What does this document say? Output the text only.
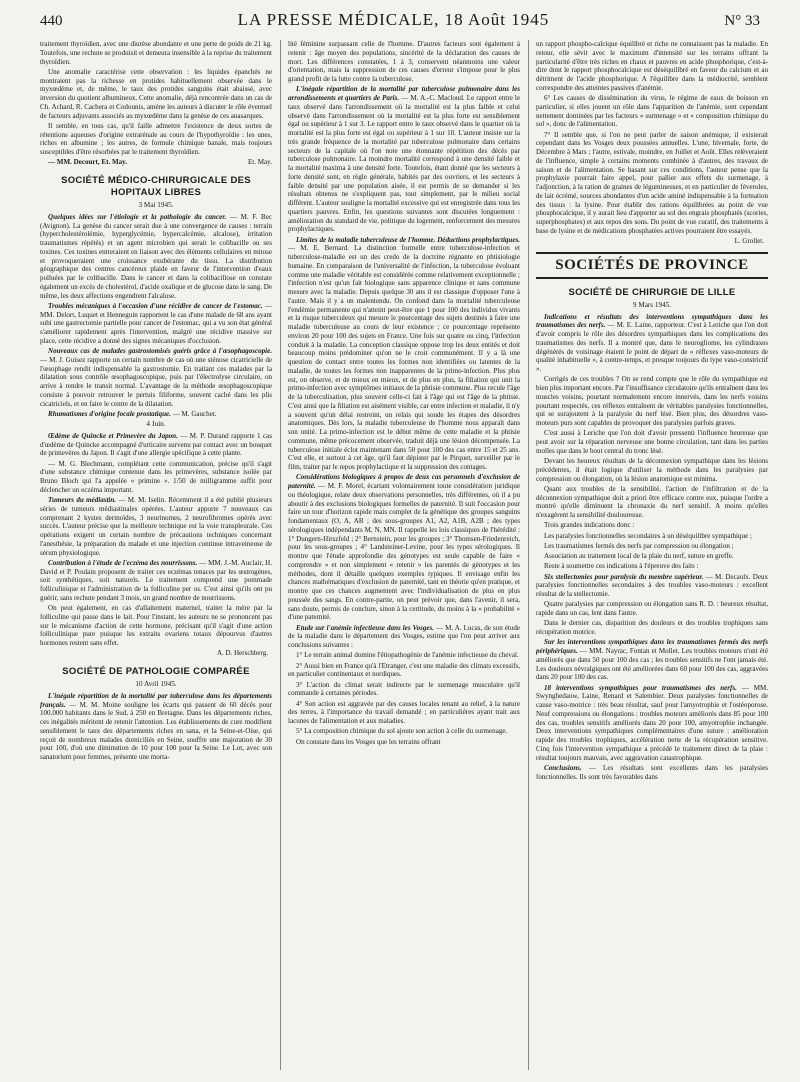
440	LA PRESSE MÉDICALE, 18 Août 1945	N° 33

traitement thyroïdien, avec une diurèse abondante et une perte de poids de 21 kg. Toutefois, une rechute se produisit et demeura insensible à la reprise du traitement thyroïdien.

Une anomalie caractérise cette observation : les liquides épanchés ne montraient pas la richesse en protides habituellement observée dans le myxœdème et, de même, le taux des protides sanguins était abaissé, avec inversion du quotient albumineux. Cette anomalie, déjà rencontrée dans un cas de Ch. Achard, R. Cachera et Codounis, amène les auteurs à discuter le rôle éventuel de facteurs adjuvants associés au myxœdème dans la genèse de ces anasarques.

Il semble, en tous cas, qu'il faille admettre l'existence de deux sortes de rétentions aqueuses d'origine extrarénale au cours de l'hypothyroïdie : les unes, riches en albumine ; les autres, de formule chimique banale, mais toujours susceptibles d'être résorbées par le traitement thyroïdien.

— MM. Decourt, Et. May.	Et. May.

SOCIÉTÉ MÉDICO-CHIRURGICALE DES HOPITAUX LIBRES
3 Mai 1945.

Quelques idées sur l'étiologie et la pathologie du cancer. — M. F. Bec (Avignon). La genèse du cancer serait due à une convergence de causes : terrain (hypercholestérolémie, hyperglycémie, hypercalcémie, alcalose), irritation traumatismes répétés) et un agent microbien qui serait le colibacille ou ses toxines. Ces toxines entreraient en liaison avec des éléments cellulaires en mitose et provoqueraient une croissance exubérante du tissu. La distribution géographique des centres cancéreux plaide en faveur de l'intervention d'eaux polluées par le colibacille. Dans le cancer et dans la colibacillose on constate également un excès de cholestérol, d'acide oxalique et de glucose dans le sang. De même, les deux affections engendrent l'alcalose.

Troubles mécaniques à l'occasion d'une récidive de cancer de l'estomac. — MM. Delort, Luquet et Henneguin rapportent le cas d'une malade de 68 ans ayant subi une gastrectomie partielle pour cancer de l'estomac, qui a vu son état général s'améliorer rapidement après l'intervention, malgré une récidive massive sur place, cette récidive a donné des signes mécaniques d'occlusion.

Nouveaux cas de malades gastrostomisés guéris grâce à l'œsophagoscopie. — M. J. Guisez rapporte un certain nombre de cas où une sténose cicatricielle de l'œsophage rendit indispensable la gastrostomie. En traitant ces malades par la dilatation sous contrôle œsophagoscopique, puis par l'électrolyse circulaire, on arrive à rendre le transit normal. L'avantage de la méthode œsophagoscopique consiste à pouvoir retrouver le pertuis filiforme, souvent caché dans les plis cicatriciels, et en faire le centre de la dilatation.

Rhumatismes d'origine focale prostatique. — M. Gaucher.

4 Juin.

Œdème de Quincke et Primevère du Japon. — M. P. Durand rapporte 1 cas d'œdème de Quincke accompagné d'urticaire survenu par contact avec un bouquet de primevères du Japon. Il s'agit d'une allergie spécifique à cette plante.

— M. G. Blechmann, complétant cette communication, précise qu'il s'agit d'une substance chimique contenue dans les primevères, substance isolée par Bruno Bloch qui l'a appelée « primine ». 1/50 de milligramme suffit pour déclencher un eczéma important.

Tumeurs du médiastin. — M. M. Iselin. Récemment il a été publié plusieurs séries de tumeurs médiastinales opérées. L'auteur apporte 7 nouveaux cas comprenant 2 kystes dermoïdes, 3 neurinomes, 2 neurofibromes opérés avec succès. L'auteur précise que la meilleure technique est la voie transpleurale. Ces opérations exigent un certain nombre de précautions techniques concernant l'anesthésie, la préparation du malade et une injection continue intraveineuse de sérum physiologique.

Contribution à l'étude de l'eczéma des nourrissons. — MM. J.-M. Auclair, H. David et P. Poulain proposent de traiter ces eczémas tenaces par les œstrogènes, soit synthétiques, soit naturels. Le traitement comprend une pommade folliculinique et l'administration de la folliculine per os. C'est ainsi qu'ils ont pu guérir, sans rechute pendant 3 mois, un grand nombre de nourrissons.

On peut également, en cas d'allaitement maternel, traiter la mère par la folliculine qui passe dans le lait. Pour l'instant, les auteurs ne se prononcent pas sur le mécanisme d'action de cette hormone, précisant qu'il s'agit d'une action folliculinique pure puisque les extraits ovariens totaux dépourvus d'autres hormones restent sans effet.

A. D. Herschberg.
SOCIÉTÉ DE PATHOLOGIE COMPARÉE
10 Avril 1945.

L'inégale répartition de la mortalité par tuberculose dans les départements français. — M. M. Moine souligne les écarts qui passent de 60 décès pour 100.000 habitants dans le Sud, à 250 en Bretagne. Dans les départements riches, ces inégalités méritent de retenir l'attention. Les établissements de cure modifient sensiblement le taux des départements riches en sana, et la Seine-et-Oise, qui reçoit de nombreux malades domiciliés en Seine, souffre une majoration de 30 pour 100, d'où une diminution de 10 pour 100 pour la Seine. Le Lot, avec son sanatorium pour femmes, présente une morta-

lité féminine surpassant celle de l'homme. D'autres facteurs sont également à retenir : âge moyen des populations, sincérité de la déclaration des causes de mort. Les différences constatées, 1 à 3, conservent néanmoins une valeur d'orientation, mais la suppression de ces causes d'erreur s'impose pour le plus grand profit de la lutte contre la tuberculose.

L'inégale répartition de la mortalité par tuberculose pulmonaire dans les arrondissements et quartiers de Paris. — M. A.-C. Macloud. Le rapport entre le taux observé dans l'arrondissement où la mortalité est la plus faible et celui observé dans l'arrondissement où la mortalité est la plus forte est sensiblement égal ou supérieur à 1 sur 3. Le rapport entre le taux observé dans le quartier où la mortalité est la plus forte est égal ou supérieur à 1 sur 10. L'auteur insiste sur la très grande fréquence de la mortalité par tuberculose pulmonaire dans certains secteurs de la capitale où l'on note une étonnante répétition des décès par tuberculose pulmonaire. La moindre mortalité correspond à une densité faible et la mortalité maxima à une densité forte. Toutefois, étant donné que les secteurs à forte densité sont, en règle générale, habités par des ouvriers, et les secteurs à faible densité par une population aisée, il est permis de se demander si les résultats obtenus ne s'expliquent pas, tout simplement, par le milieu social différent. L'auteur souligne la mortalité excessive qui est enregistrée dans tous les quartiers pauvres. Enfin, les questions suivantes sont discutées longuement : amélioration du standard de vie, politique du logement, renforcement des mesures prophylactiques.

Limites de la maladie tuberculeuse de l'homme. Déductions prophylactiques. — M. E. Bernard. La distinction formelle entre tuberculose-infection et tuberculose-maladie est un des credo de la doctrine régnante en phtisiologie humaine. En comparaison de l'universalité de l'infection, la tuberculose évoluant comme une maladie véritable est considérée comme relativement exceptionnelle ; l'infection n'est qu'un fait biologique sans apparence clinique et sans commune mesure avec la maladie. Depuis quelque 30 ans il est classique d'opposer l'une à l'autre. Mais il y a un malentendu. On confond dans la mortalité tuberculeuse l'endémie permanente qui n'atteint peut-être que 1 pour 100 des individus vivants et la risque tuberculeux qui mesure le pourcentage des sujets destinés à faire une maladie tuberculeuse au cours de leur existence ; ce pourcentage représente environ 20 pour 100 des sujets en France. Une fois sur quatre ou cinq, l'infection conduit à la maladie. La conception classique oppose trop les deux entités et doit beaucoup moins prédominer qu'on ne le croit communément. Il y a là une question de contact entre toutes les formes non identifiées ou latentes de la maladie, de toutes les formes non inapparentes de la primo-infection. Plus plus est, on observe, et de mieux en mieux, et de plus en plus, la filiation qui unit la primo-infection avec symptômes initiaux de la phtisie commune. Plus recule l'âge de la tuberculisation, plus souvent celle-ci fait à l'âge qui est l'âge de la phtisie. C'est ainsi que la filiation est aisément visible, car entre infection et maladie, il n'y a souvent qu'un délai restreint, un relais qui soude les étapes des désordres anatomiques. Dès lors, la maladie tuberculeuse de l'homme nous apparaît dans son unité. La primo-infection est le début même de cette maladie et la phtisie commune, même précocement observée, traduit déjà une lésion décompensée. La tuberculose initiale éclot maintenant dans 50 pour 100 des cas entre 15 et 25 ans. C'est elle, et surtout à cet âge, qu'il faut dépister par le Pirquet, surveiller par le film, traiter par le repos prophylactique et la suppression des contages.

Considérations biologiques à propos de deux cas personnels d'exclusion de paternité. — M. F. Morel, écartant volontairement toute considération juridique ou théologique, relate deux observations personnelles, très différentes, où il a pu aboutir à des exclusions biologiques formelles de paternité. Il suit l'occasion pour faire un tour d'horizon rapide mais complet de la génétique des groupes sanguins fondamentaux (O, A, AB ; des sous-groupes A1, A2, A1B, A2B ; des types sérologiques indépendants M, N, MN. Il rappelle les lois classiques de l'hérédité : 1° Dungern-Hirszfeld ; 2° Bernstein, pour les groupes ; 3° Thomsen-Friedenreich, pour les sous-groupes ; 4° Landsteiner-Levine, pour les types sérologiques. Il montre que l'étude approfondie des génotypes est seule capable de faire « comprendre » et non simplement « retenir » les parentés de génotypes et les méthodes, dont il détaille quelques exemples typiques. Il envisage enfin les chances mathématiques d'exclusion de paternité, tant en théorie qu'en pratique, et montre que ces chances augmentent avec l'individualisation de plus en plus poussée des sangs. En contre-partie, on peut prévoir que, dans l'avenir, il sera, sans doute, permis de conclure, sinon à la certitude, du moins à la « probabilité » d'une paternité.

Etude sur l'anémie infectieuse dans les Vosges. — M. A. Lucas, de son étude de la maladie dans le département des Vosges, estime que l'on peut arriver aux conclusions suivantes :

1° Le terrain animal domine l'étiopathogénie de l'anémie infectieuse du cheval.

2° Aussi bien en France qu'à l'Etranger, c'est une maladie des climats excessifs, en particulier continentaux et nordiques.

3° L'action du climat serait indirecte par le surmenage musculaire qu'il commande à certaines périodes.

4° Son action est aggravée par des causes locales tenant au relief, à la nature des terres, à l'importance du travail demandé ; en particulières ayant trait aux lacunes de l'alimentation et aux maladies.

5° La composition chimique du sol ajoute son action à celle du surmenage.

On constate dans les Vosges que les terrains offrant

un rapport phospho-calcique équilibré et riche ne connaissent pas la maladie. En retour, elle sévit avec le maximum d'intensité sur les terrains offrant la particularité d'être très riches en chaux et pauvres en acide phosphorique, c'est-à-dire dont le rapport phosphocalcique est déséquilibré en faveur du calcium et au détriment de l'acide phosphorique. A l'équilibre dans la médiocrité, semblent correspondre des atteintes passives d'anémie.

6° Les causes de dissémination du virus, le régime de eaux de boisson en particulier, si elles jouent un rôle dans l'apparition de l'anémie, sont cependant nettement dominées par les facteurs « surmenage » et « composition chimique du sol », donc de l'alimentation.

7° Il semble que, si l'on ne peut parler de saison anémique, il existerait cependant dans les Vosges deux poussées annuelles. L'une, hivernale, forte, de Décembre à Mars ; l'autre, estivale, moindre, en Juillet et Août. Elles relèveraient de l'influence, simple à certains moments combinée à d'autres, des travaux de saison et de l'alimentation. Se basant sur ces conditions, l'auteur pense que la prophylaxie pourrait faire appel, pour pallier aux effets du surmenage, à l'adjonction, à la ration de graines de légumineuses, et en particulier de féveroles, de lait écrémé, sources abondantes d'un acide aminé indispensable à la formation des tissus : la lysine. Pour établir des rations équilibrées au point de vue phosphocalcique, il y aurait lieu d'apporter au sol des engrais phosphatés (scories, superphosphates) et aux repos des sons. Du point de vue curatif, des traitements à base de lysine et de médications phosphatées actives pourraient être essayés.

L. Grollet.
SOCIÉTÉS DE PROVINCE
SOCIÉTÉ DE CHIRURGIE DE LILLE
9 Mars 1945.

Indications et résultats des interventions sympathiques dans les traumatismes des nerfs. — M. E. Laine, rapporteur. C'est à Leriche que l'on doit d'avoir compris le rôle des désordres sympathiques dans les complications des traumatismes des nerfs. Il a montré que, dans le neurogliome, les cylindraxes dégénérés de voisinage étaient le point de départ de « réflexes vaso-moteurs de qualité inhabituelle », à contre-temps, et presque toujours du type vaso-constrictif ».

Corrigés de ces troubles ? On se rend compte que le rôle du sympathique est bien plus important encore. Par l'insuffisance circulatoire qu'ils entraînent dans les muscles voisins, pourtant normalement encore innervés, dans les nerfs voisins pourtant respectés, ces réflexes entraînent de véritables paralysies fonctionnelles, qui se surajoutent à la paralysie du nerf lésé. Bien plus, des désordres vaso-moteurs purs sont capables de provoquer des paralysies parfois graves.

C'est aussi à Leriche que l'on doit d'avoir pressenti l'influence heureuse que peut avoir sur la réparation nerveuse une bonne circulation, tant dans les parties molles que dans le bout central du tronc lésé.

Devant les heureux résultats de la déconnexion sympathique dans les lésions précédentes, il était logique d'utiliser la méthode dans les paralysies par compression ou élongation, où la lésion anatomique est minima.

Quant aux troubles de la sensibilité, l'action de l'infiltration et de la déconnexion sympathique doit a priori être efficace contre eux, puisque l'ordre a montré qu'elle diminuent la chronaxie du nerf sensitif. A moins qu'elles n'exagèrent la sensibilité douloureuse.

Trois grandes indications donc :

Les paralysies fonctionnelles secondaires à un déséquilibre sympathique ;

Les traumatismes fermés des nerfs par compression ou élongation ;

Association au traitement local de la plaie du nerf, suture en greffe.

Reste à soumettre ces indications à l'épreuve des faits :

Six stellectomies pour paralysie du membre supérieur. — M. Decaulx. Deux paralysies fonctionnelles secondaires à des troubles vaso-moteurs : excellent résultat de la stellectomie.

Quatre paralysies par compression ou élongation sans R. D. : heureux résultat, rapide dans un cas, lent dans l'autre.

Dans le dernier cas, disparition des douleurs et des troubles trophiques sans récupération motrice.

Sur les interventions sympathiques dans les traumatismes fermés des nerfs périphériques. — MM. Nayrac, Fontan et Mollet. Les troubles moteurs n'ont été améliorés que dans 50 pour 100 des cas ; les troubles sensitifs ne l'ont jamais été. Les douleurs névralgiques ont été améliorées dans 60 pour 100 des cas, aggravées dans 20 pour 100 des cas.

18 interventions sympathiques pour traumatismes des nerfs. — MM. Swynghedauw, Laine, Renard et Salembier. Deux paralysies fonctionnelles de cause vaso-motrice : très beau résultat, sauf pour l'amyotrophie et l'ostéoporose. Neuf compressions ou élongations : troubles moteurs améliorés dans 85 pour 100 des cas, troubles sensitifs améliorés dans 20 pour 100, amyotrophie inchangée. Deux interventions sympathiques complémentaires d'une suture : amélioration rapide des troubles trophiques, accélération nette de la récupération sensitive. Cinq fois l'intervention sympathique a précédé le traitement direct de la plaie : résultat toujours mauvais, avec aggravation catastrophique.

Conclusions. — Les résultats sont excellents dans les paralysies fonctionnelles. Ils sont très favorables dans
